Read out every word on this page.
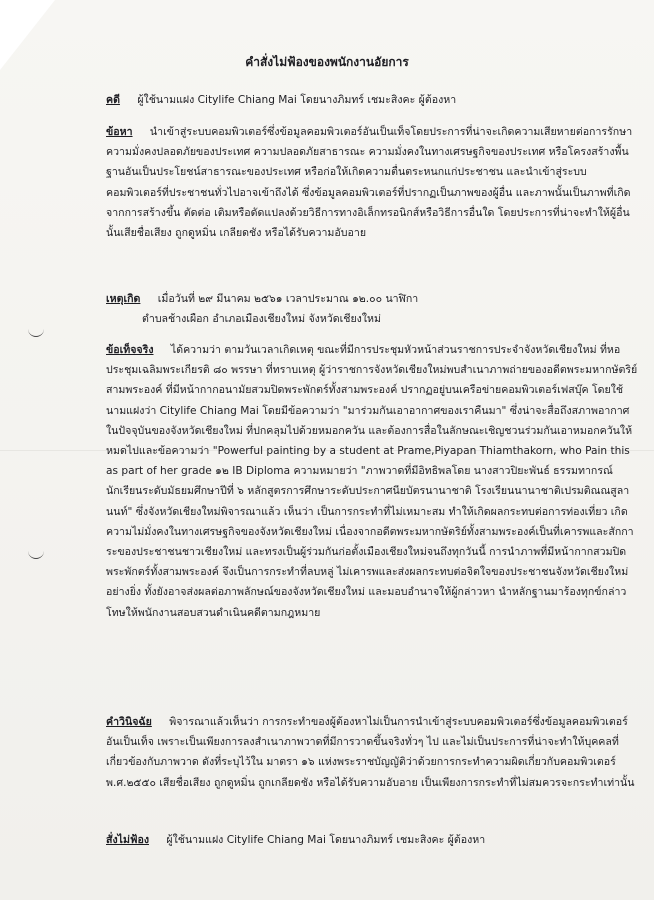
คำสั่งไม่ฟ้องของพนักงานอัยการ
คดี ผู้ใช้นามแฝง Citylife Chiang Mai โดยนางภิมทร์ เชมะสิงคะ ผู้ต้องหา
ข้อหา นำเข้าสู่ระบบคอมพิวเตอร์ซึ่งข้อมูลคอมพิวเตอร์อันเป็นเท็จโดยประการที่น่าจะเกิดความเสียหายต่อการรักษาความมั่งคงปลอดภัยของประเทศ ความปลอดภัยสาธารณะ ความมั่งคงในทางเศรษฐกิจของประเทศ หรือโครงสร้างพื้นฐานอันเป็นประโยชน์สาธารณะของประเทศ หรือก่อให้เกิดความตื่นตระหนกแก่ประชาชน และนำเข้าสู่ระบบคอมพิวเตอร์ที่ประชาชนทั่วไปอาจเข้าถึงได้ ซึ่งข้อมูลคอมพิวเตอร์ที่ปรากฏเป็นภาพของผู้อื่น และภาพนั้นเป็นภาพที่เกิดจากการสร้างขึ้น ตัดต่อ เติมหรือดัดแปลงด้วยวิธีการทางอิเล็กทรอนิกส์หรือวิธีการอื่นใด โดยประการที่น่าจะทำให้ผู้อื่นนั้นเสียชื่อเสียง ถูกดูหมิ่น เกลียดชัง หรือได้รับความอับอาย
เหตุเกิด เมื่อวันที่ ๒๙ มีนาคม ๒๕๖๑ เวลาประมาณ ๑๒.๐๐ นาฬิกา
ตำบลช้างเผือก อำเภอเมืองเชียงใหม่ จังหวัดเชียงใหม่
ข้อเท็จจริง ได้ความว่า ตามวันเวลาเกิดเหตุ ขณะที่มีการประชุมหัวหน้าส่วนราชการประจำจังหวัดเชียงใหม่ ที่หอประชุมเฉลิมพระเกียรติ ๘๐ พรรษา ที่ทราบเหตุ ผู้ว่าราชการจังหวัดเชียงใหม่พบสำเนาภาพถ่ายของอดีตพระมหากษัตริย์สามพระองค์ ที่มีหน้ากากอนามัยสวมปิดพระพักตร์ทั้งสามพระองค์ ปรากฏอยู่บนเครือข่ายคอมพิวเตอร์เฟสบุ๊ค โดยใช้นามแฝงว่า Citylife Chiang Mai โดยมีข้อความว่า "มาร่วมกันเอาอากาศของเราคืนมา" ซึ่งน่าจะสื่อถึงสภาพอากาศในปัจจุบันของจังหวัดเชียงใหม่ ที่ปกคลุมไปด้วยหมอกควัน และต้องการสื่อในลักษณะเชิญชวนร่วมกันเอาหมอกควันให้หมดไปและข้อความว่า "Powerful painting by a student at Prame,Piyapan Thiamthakorn, who Pain this as part of her grade ๑๒ IB Diploma ความหมายว่า "ภาพวาดที่มีอิทธิพลโดย นางสาวปิยะพันธ์ ธรรมทากรณ์ นักเรียนระดับมัธยมศึกษาปีที่ ๖ หลักสูตรการศึกษาระดับประกาศนียบัตรนานาชาติ โรงเรียนนานาชาติเปรมติณณสูลานนท์" ซึ่งจังหวัดเชียงใหม่พิจารณาแล้ว เห็นว่า เป็นการกระทำที่ไม่เหมาะสม ทำให้เกิดผลกระทบต่อการท่องเที่ยว เกิดความไม่มั่งคงในทางเศรษฐกิจของจังหวัดเชียงใหม่ เนื่องจากอดีตพระมหากษัตริย์ทั้งสามพระองค์เป็นที่เคารพและสักการะของประชาชนชาวเชียงใหม่ และทรงเป็นผู้ร่วมกันก่อตั้งเมืองเชียงใหม่จนถึงทุกวันนี้ การนำภาพที่มีหน้ากากสวมปิดพระพักตร์ทั้งสามพระองค์ จึงเป็นการกระทำที่ลบหลู่ ไม่เคารพและส่งผลกระทบต่อจิตใจของประชาชนจังหวัดเชียงใหม่อย่างยิ่ง ทั้งยังอาจส่งผลต่อภาพลักษณ์ของจังหวัดเชียงใหม่ และมอบอำนาจให้ผู้กล่าวหา นำหลักฐานมาร้องทุกข์กล่าวโทษให้พนักงานสอบสวนดำเนินคดีตามกฎหมาย
คำวินิจฉัย พิจารณาแล้วเห็นว่า การกระทำของผู้ต้องหาไม่เป็นการนำเข้าสู่ระบบคอมพิวเตอร์ซึ่งข้อมูลคอมพิวเตอร์อันเป็นเท็จ เพราะเป็นเพียงการลงสำเนาภาพวาดที่มีการวาดขึ้นจริงทั่วๆ ไป และไม่เป็นประการที่น่าจะทำให้บุคคลที่เกี่ยวข้องกับภาพวาด ดังที่ระบุไว้ใน มาตรา ๑๖ แห่งพระราชบัญญัติว่าด้วยการกระทำความผิดเกี่ยวกับคอมพิวเตอร์ พ.ศ.๒๕๕๐ เสียชื่อเสียง ถูกดูหมิ่น ถูกเกลียดชัง หรือได้รับความอับอาย เป็นเพียงการกระทำที่ไม่สมควรจะกระทำเท่านั้น
สั่งไม่ฟ้อง ผู้ใช้นามแฝง Citylife Chiang Mai โดยนางภิมทร์ เชมะสิงคะ ผู้ต้องหา
